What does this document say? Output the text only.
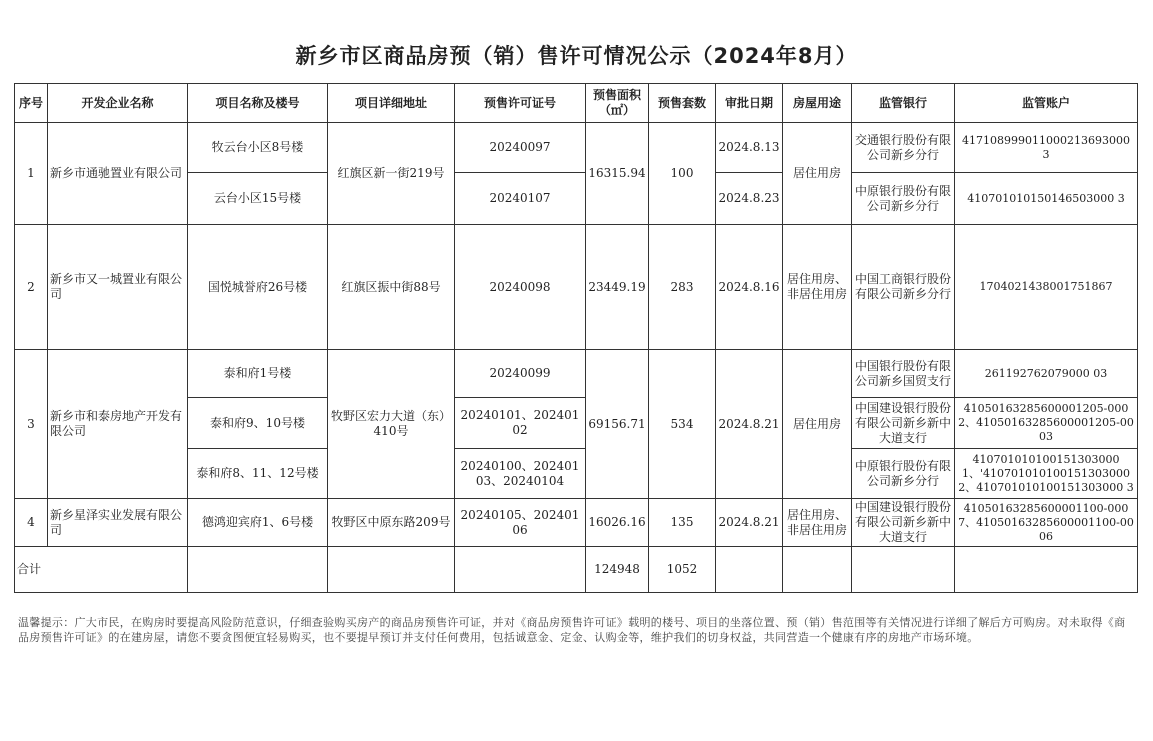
新乡市区商品房预（销）售许可情况公示（2024年8月）
序号	开发企业名称	项目名称及楼号	项目详细地址	预售许可证号	预售面积（㎡）	预售套数	审批日期	房屋用途	监管银行	监管账户
1	新乡市通驰置业有限公司	牧云台小区8号楼	红旗区新一街219号	20240097	16315.94	100	2024.8.13	居住用房	交通银行股份有限公司新乡分行	417108999011000213693000 3
		云台小区15号楼		20240107			2024.8.23		中原银行股份有限公司新乡分行	410701010150146503000 3
2	新乡市又一城置业有限公司	国悦城誉府26号楼	红旗区振中街88号	20240098	23449.19	283	2024.8.16	居住用房、非居住用房	中国工商银行股份有限公司新乡分行	1704021438001751867
3	新乡市和泰房地产开发有限公司	泰和府1号楼	牧野区宏力大道（东）410号	20240099	69156.71	534	2024.8.21	居住用房	中国银行股份有限公司新乡国贸支行	261192762079000 03
		泰和府9、10号楼		20240101、20240102					中国建设银行股份有限公司新乡新中大道支行	41050163285600001205-0002、41050163285600001205-0003
		泰和府8、11、12号楼		20240100、20240103、20240104					中原银行股份有限公司新乡分行	410701010100151303000 1、'410701010100151303000 2、410701010100151303000 3
4	新乡星泽实业发展有限公司	德鸿迎宾府1、6号楼	牧野区中原东路209号	20240105、20240106	16026.16	135	2024.8.21	居住用房、非居住用房	中国建设银行股份有限公司新乡新中大道支行	41050163285600001100-0007、41050163285600001100-0006
合计					124948	1052				
温馨提示：广大市民，在购房时要提高风险防范意识，仔细查验购买房产的商品房预售许可证，并对《商品房预售许可证》载明的楼号、项目的坐落位置、预（销）售范围等有关情况进行详细了解后方可购房。对未取得《商品房预售许可证》的在建房屋，请您不要贪图便宜轻易购买，也不要提早预订并支付任何费用，包括诚意金、定金、认购金等，维护我们的切身权益，共同营造一个健康有序的房地产市场环境。
